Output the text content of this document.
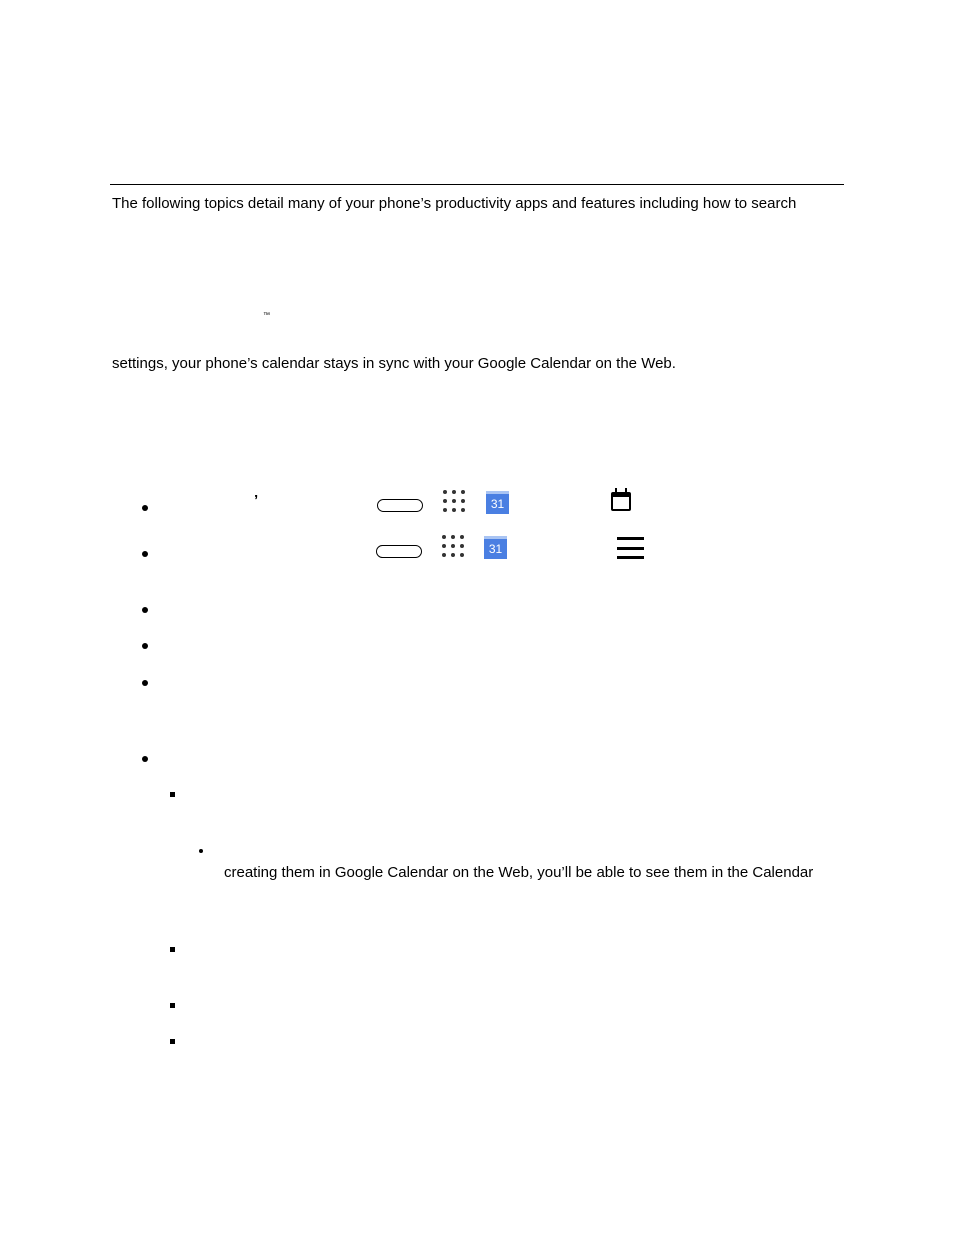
The following topics detail many of your phone’s productivity apps and features including how to search
™
settings, your phone’s calendar stays in sync with your Google Calendar on the Web.
’	31
31
creating them in Google Calendar on the Web, you’ll be able to see them in the Calendar
